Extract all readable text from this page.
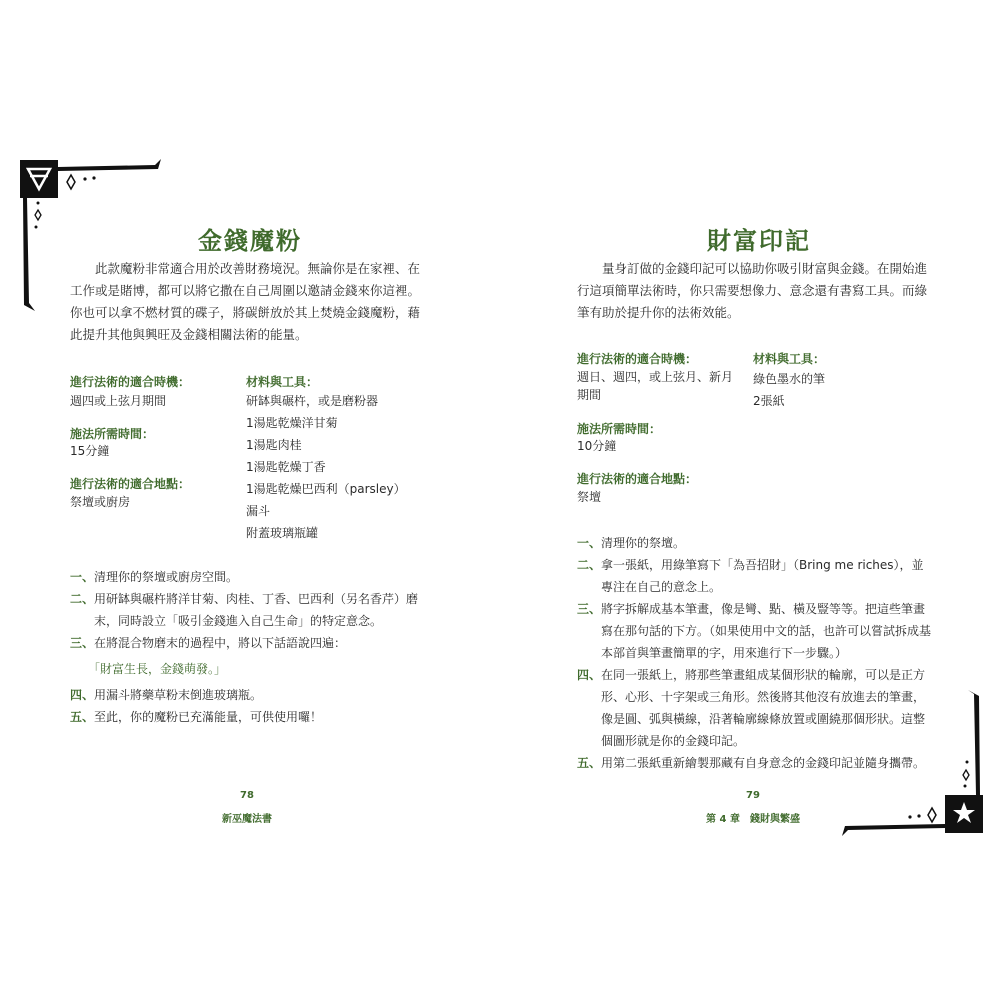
金錢魔粉
此款魔粉非常適合用於改善財務境況。無論你是在家裡、在工作或是賭博，都可以將它撒在自己周圍以邀請金錢來你這裡。你也可以拿不燃材質的碟子，將碳餅放於其上焚燒金錢魔粉，藉此提升其他與興旺及金錢相關法術的能量。
進行法術的適合時機：
週四或上弦月期間
施法所需時間：
15分鐘
進行法術的適合地點：
祭壇或廚房
材料與工具：
研缽與碾杵，或是磨粉器
1湯匙乾燥洋甘菊
1湯匙肉桂
1湯匙乾燥丁香
1湯匙乾燥巴西利（parsley）
漏斗
附蓋玻璃瓶罐
一、 清理你的祭壇或廚房空間。
二、 用研缽與碾杵將洋甘菊、肉桂、丁香、巴西利（另名香芹）磨末，同時設立「吸引金錢進入自己生命」的特定意念。
三、 在將混合物磨末的過程中，將以下話語說四遍：
「財富生長，金錢萌發。」
四、 用漏斗將藥草粉末倒進玻璃瓶。
五、 至此，你的魔粉已充滿能量，可供使用囉！
78
新巫魔法書
財富印記
量身訂做的金錢印記可以協助你吸引財富與金錢。在開始進行這項簡單法術時，你只需要想像力、意念還有書寫工具。而綠筆有助於提升你的法術效能。
進行法術的適合時機：
週日、週四，或上弦月、新月期間
材料與工具：
綠色墨水的筆
2張紙
施法所需時間：
10分鐘
進行法術的適合地點：
祭壇
一、 清理你的祭壇。
二、 拿一張紙，用綠筆寫下「為吾招財」（Bring me riches），並專注在自己的意念上。
三、 將字拆解成基本筆畫，像是彎、點、橫及豎等等。把這些筆畫寫在那句話的下方。（如果使用中文的話，也許可以嘗試拆成基本部首與筆畫簡單的字，用來進行下一步驟。）
四、 在同一張紙上，將那些筆畫組成某個形狀的輪廓，可以是正方形、心形、十字架或三角形。然後將其他沒有放進去的筆畫，像是圓、弧與橫線，沿著輪廓線條放置或圍繞那個形狀。這整個圖形就是你的金錢印記。
五、 用第二張紙重新繪製那藏有自身意念的金錢印記並隨身攜帶。
79
第 4 章　錢財與繁盛
